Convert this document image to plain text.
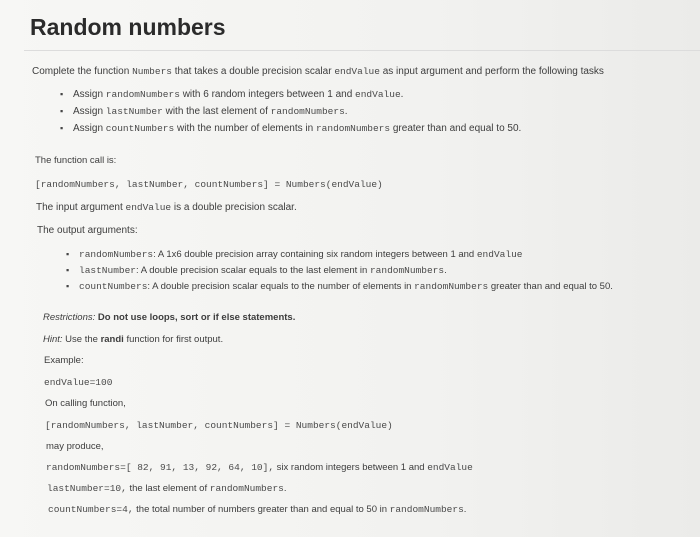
Random numbers
Complete the function Numbers that takes a double precision scalar endValue as input argument and perform the following tasks
▪ Assign randomNumbers with 6 random integers between 1 and endValue.
▪ Assign lastNumber with the last element of randomNumbers.
▪ Assign countNumbers with the number of elements in randomNumbers greater than and equal to 50.
The function call is:
[randomNumbers, lastNumber, countNumbers] = Numbers(endValue)
The input argument endValue is a double precision scalar.
The output arguments:
▪ randomNumbers: A 1x6 double precision array containing six random integers between 1 and endValue
▪ lastNumber: A double precision scalar equals to the last element in randomNumbers.
▪ countNumbers: A double precision scalar equals to the number of elements in randomNumbers greater than and equal to 50.
Restrictions: Do not use loops, sort or if else statements.
Hint: Use the randi function for first output.
Example:
endValue=100
On calling function,
[randomNumbers, lastNumber, countNumbers] = Numbers(endValue)
may produce,
randomNumbers=[ 82, 91, 13, 92, 64, 10], six random integers between 1 and endValue
lastNumber=10, the last element of randomNumbers.
countNumbers=4, the total number of numbers greater than and equal to 50 in randomNumbers.
